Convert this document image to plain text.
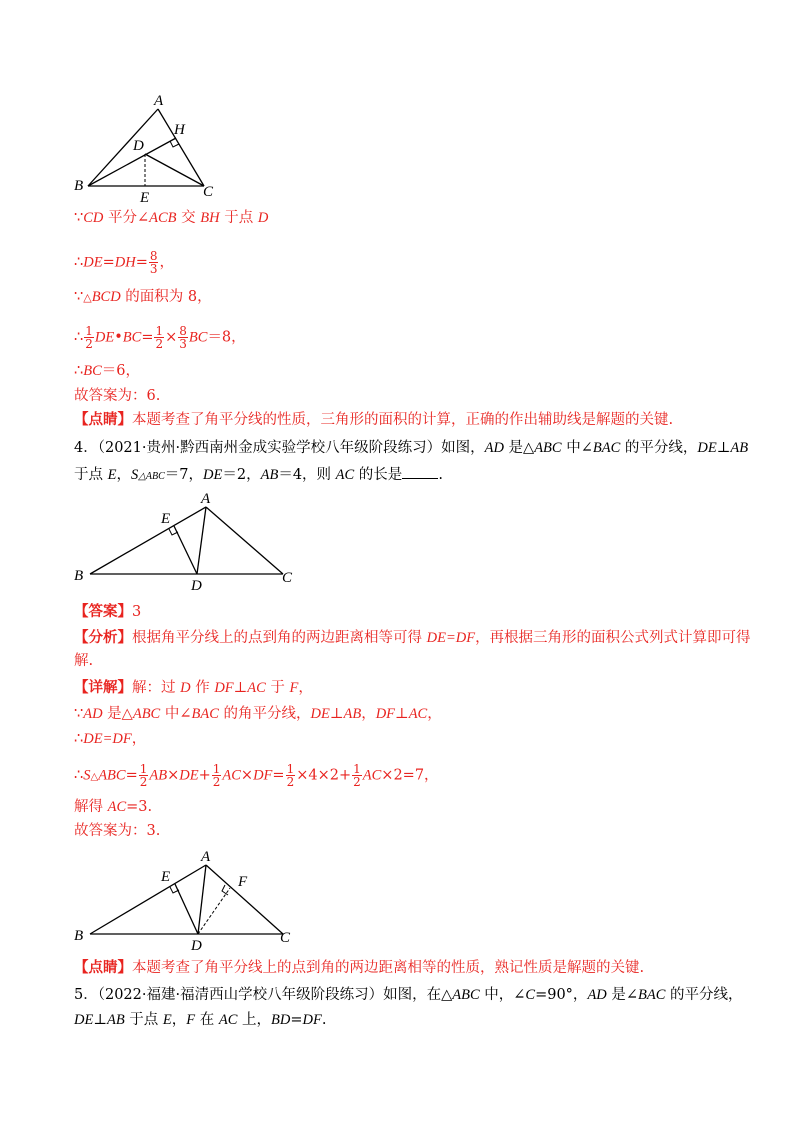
A
H
D
B
E	C
∵CD 平分∠ACB 交 BH 于点 D
∴DE=DH= $\frac{8}{3}$ ，
∵△BCD 的面积为 8，
∴ $\frac{1}{2}$ DE•BC= $\frac{1}{2} \times \frac{8}{3} BC=8$，
∴BC＝6，
故答案为：6.
【点睛】本题考查了角平分线的性质，三角形的面积的计算，正确的作出辅助线是解题的关键.
4．（2021·贵州·黔西南州金成实验学校八年级阶段练习）如图，AD 是△ABC 中∠BAC 的平分线，DE⊥AB
于点 E，S△ABC＝7，DE＝2，AB＝4，则 AC 的长是 .
A
E
B
D	C
【答案】3
【分析】根据角平分线上的点到角的两边距离相等可得 DE=DF，再根据三角形的面积公式列式计算即可得
解.
【详解】解：过 D 作 DF⊥AC 于 F，
∵AD 是△ABC 中∠BAC 的角平分线，DE⊥AB，DF⊥AC，
∴DE=DF，
∴S△ABC= $\frac{1}{2} AB\times DE+ \frac{1}{2} AC\times DF= \frac{1}{2} \times 4\times 2+ \frac{1}{2} AC\times 2=7$，
解得 AC=3.
故答案为：3.
A
E	F
B
D	C
【点睛】本题考查了角平分线上的点到角的两边距离相等的性质，熟记性质是解题的关键.
5．（2022·福建·福清西山学校八年级阶段练习）如图，在△ABC 中，∠C=90°，AD 是∠BAC 的平分线，
DE⊥AB 于点 E，F 在 AC 上，BD=DF.
